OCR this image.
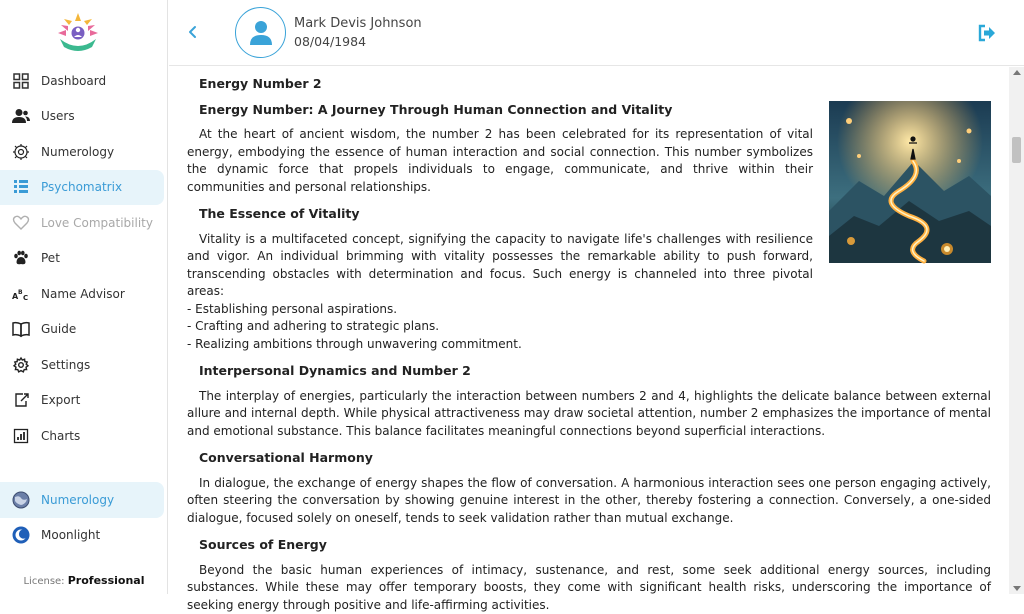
Dashboard
Users
Numerology
Psychomatrix
Love Compatibility
Pet
A B
C Name Advisor
Guide
Settings
Export
Charts
Numerology
Moonlight
License: Professional
Mark Devis Johnson
08/04/1984
Energy Number 2
Energy Number: A Journey Through Human Connection and Vitality

At the heart of ancient wisdom, the number 2 has been celebrated for its representation of vital energy, embodying the essence of human interaction and social connection. This number symbolizes the dynamic force that propels individuals to engage, communicate, and thrive within their communities and personal relationships.

The Essence of Vitality

Vitality is a multifaceted concept, signifying the capacity to navigate life's challenges with resilience and vigor. An individual brimming with vitality possesses the remarkable ability to push forward, transcending obstacles with determination and focus. Such energy is channeled into three pivotal areas:

- Establishing personal aspirations.
- Crafting and adhering to strategic plans.
- Realizing ambitions through unwavering commitment.
Interpersonal Dynamics and Number 2

The interplay of energies, particularly the interaction between numbers 2 and 4, highlights the delicate balance between external allure and internal depth. While physical attractiveness may draw societal attention, number 2 emphasizes the importance of mental and emotional substance. This balance facilitates meaningful connections beyond superficial interactions.

Conversational Harmony

In dialogue, the exchange of energy shapes the flow of conversation. A harmonious interaction sees one person engaging actively, often steering the conversation by showing genuine interest in the other, thereby fostering a connection. Conversely, a one-sided dialogue, focused solely on oneself, tends to seek validation rather than mutual exchange.

Sources of Energy

Beyond the basic human experiences of intimacy, sustenance, and rest, some seek additional energy sources, including substances. While these may offer temporary boosts, they come with significant health risks, underscoring the importance of seeking energy through positive and life-affirming activities.
